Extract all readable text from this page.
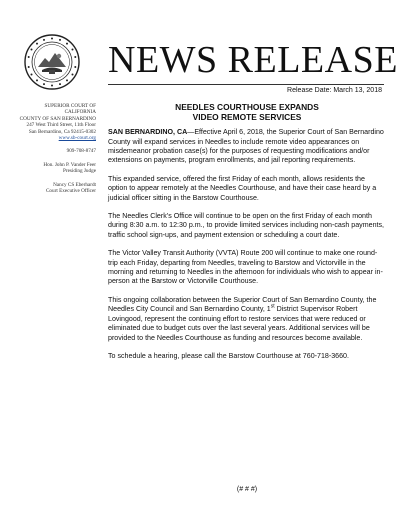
NEWS RELEASE
Release Date: March 13, 2018
SUPERIOR COURT OF
CALIFORNIA
COUNTY OF SAN BERNARDINO
247 West Third Street, 11th Floor
San Bernardino, Ca 92415-0302
www.sb-court.org
909-708-8747
Hon. John P. Vander Feer
Presiding Judge
Nancy CS Eberhardt
Court Executive Officer
NEEDLES COURTHOUSE EXPANDS
VIDEO REMOTE SERVICES

SAN BERNARDINO, CA—Effective April 6, 2018, the Superior Court of San Bernardino County will expand services in Needles to include remote video appearances on misdemeanor probation case(s) for the purposes of requesting modifications and/or extensions on payments, program enrollments, and jail reporting requirements.

This expanded service, offered the first Friday of each month, allows residents the option to appear remotely at the Needles Courthouse, and have their case heard by a judicial officer sitting in the Barstow Courthouse.

The Needles Clerk’s Office will continue to be open on the first Friday of each month during 8:30 a.m. to 12:30 p.m., to provide limited services including non-cash payments, traffic school sign-ups, and payment extension or scheduling a court date.

The Victor Valley Transit Authority (VVTA) Route 200 will continue to make one round-trip each Friday, departing from Needles, traveling to Barstow and Victorville in the morning and returning to Needles in the afternoon for individuals who wish to appear in-person at the Barstow or Victorville Courthouse.

This ongoing collaboration between the Superior Court of San Bernardino County, the Needles City Council and San Bernardino County, 1st District Supervisor Robert Lovingood, represent the continuing effort to restore services that were reduced or eliminated due to budget cuts over the last several years. Additional services will be provided to the Needles Courthouse as funding and resources become available.

To schedule a hearing, please call the Barstow Courthouse at 760-718-3660.

(# # #)
